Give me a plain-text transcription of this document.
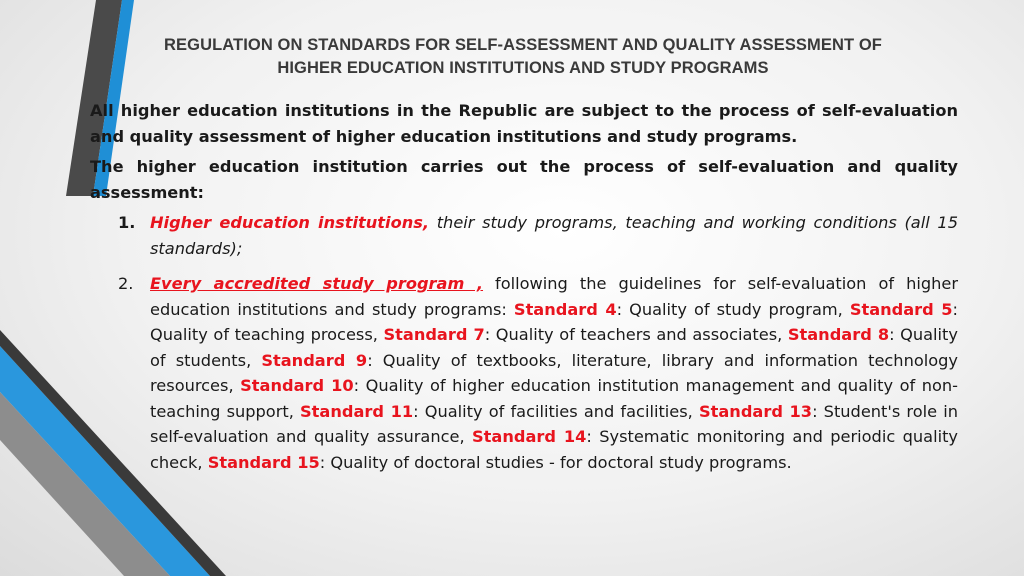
REGULATION ON STANDARDS FOR SELF-ASSESSMENT AND QUALITY ASSESSMENT OF
HIGHER EDUCATION INSTITUTIONS AND STUDY PROGRAMS

All higher education institutions in the Republic are subject to the process of self-evaluation and quality assessment of higher education institutions and study programs.

The higher education institution carries out the process of self-evaluation and quality assessment:

1. Higher education institutions, their study programs, teaching and working conditions (all 15 standards);
2. Every accredited study program , following the guidelines for self-evaluation of higher education institutions and study programs: Standard 4: Quality of study program, Standard 5: Quality of teaching process, Standard 7: Quality of teachers and associates, Standard 8: Quality of students, Standard 9: Quality of textbooks, literature, library and information technology resources, Standard 10: Quality of higher education institution management and quality of non-teaching support, Standard 11: Quality of facilities and facilities, Standard 13: Student's role in self-evaluation and quality assurance, Standard 14: Systematic monitoring and periodic quality check, Standard 15: Quality of doctoral studies - for doctoral study programs.
